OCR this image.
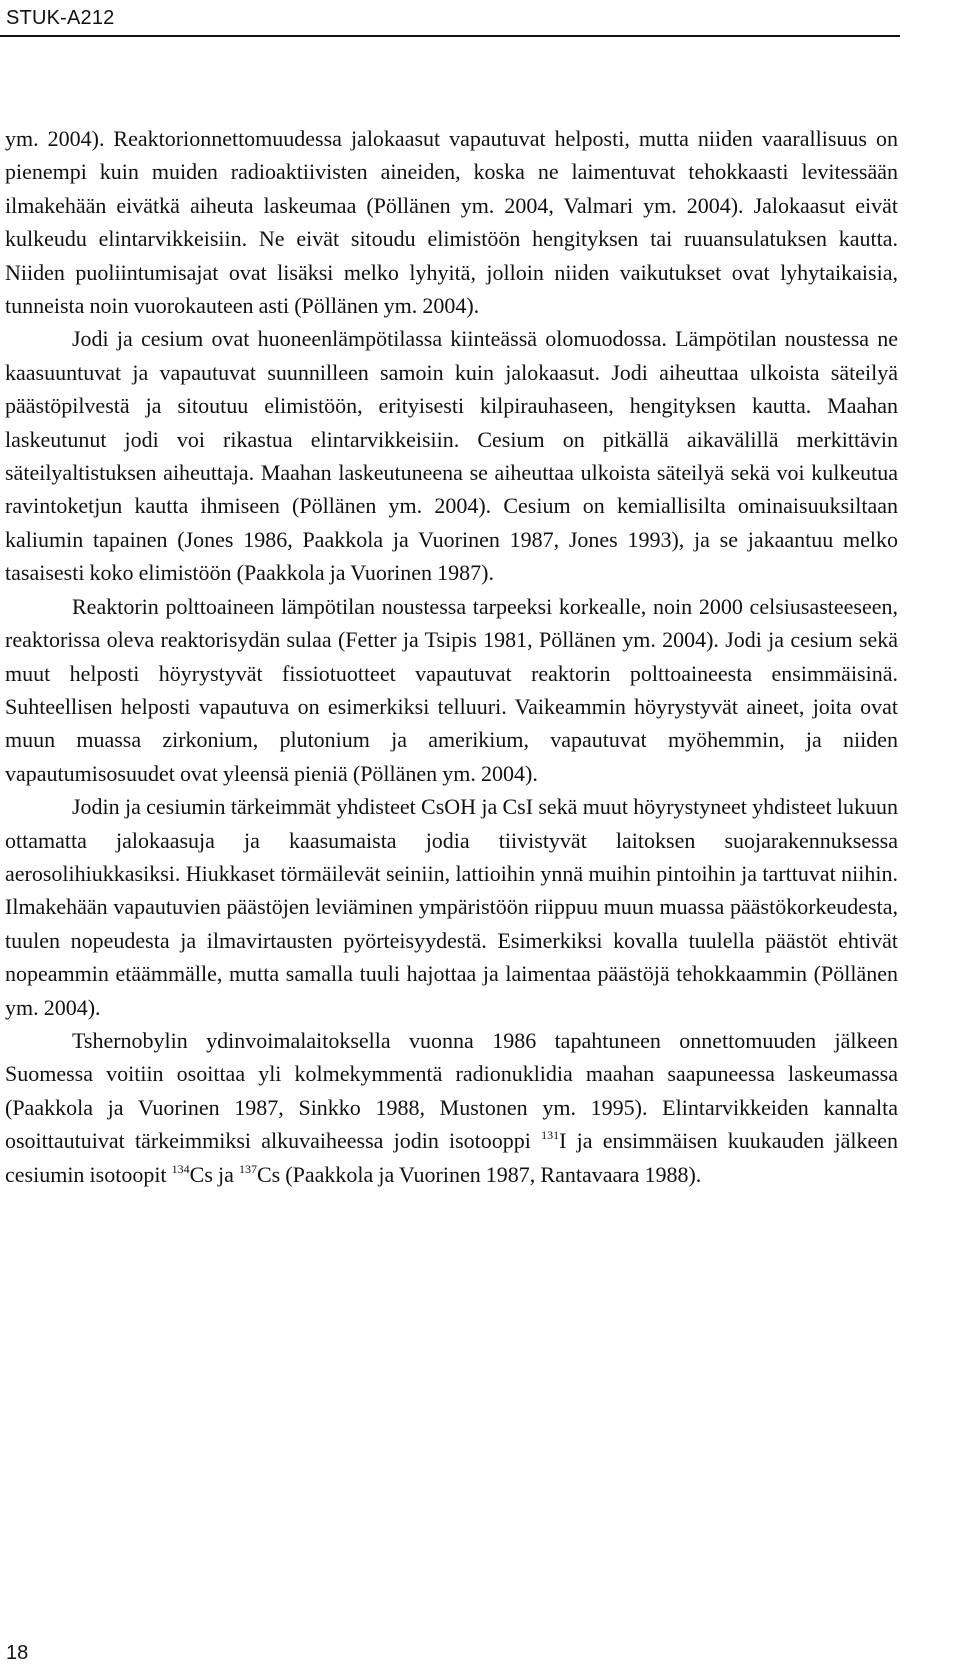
STUK-A212

ym. 2004). Reaktorionnettomuudessa jalokaasut vapautuvat helposti, mutta niiden vaarallisuus on pienempi kuin muiden radioaktiivisten aineiden, koska ne laimentuvat tehokkaasti levitessään ilmakehään eivätkä aiheuta laskeumaa (Pöllänen ym. 2004, Valmari ym. 2004). Jalokaasut eivät kulkeudu elintarvikkeisiin. Ne eivät sitoudu elimistöön hengityksen tai ruuansulatuksen kautta. Niiden puoliintumisajat ovat lisäksi melko lyhyitä, jolloin niiden vaikutukset ovat lyhytaikaisia, tunneista noin vuorokauteen asti (Pöllänen ym. 2004).

Jodi ja cesium ovat huoneenlämpötilassa kiinteässä olomuodossa. Lämpötilan noustessa ne kaasuuntuvat ja vapautuvat suunnilleen samoin kuin jalokaasut. Jodi aiheuttaa ulkoista säteilyä päästöpilvestä ja sitoutuu elimistöön, erityisesti kilpirauhaseen, hengityksen kautta. Maahan laskeutunut jodi voi rikastua elintarvikkeisiin. Cesium on pitkällä aikavälillä merkittävin säteilyaltistuksen aiheuttaja. Maahan laskeutuneena se aiheuttaa ulkoista säteilyä sekä voi kulkeutua ravintoketjun kautta ihmiseen (Pöllänen ym. 2004). Cesium on kemiallisilta ominaisuuksiltaan kaliumin tapainen (Jones 1986, Paakkola ja Vuorinen 1987, Jones 1993), ja se jakaantuu melko tasaisesti koko elimistöön (Paakkola ja Vuorinen 1987).

Reaktorin polttoaineen lämpötilan noustessa tarpeeksi korkealle, noin 2000 celsiusasteeseen, reaktorissa oleva reaktorisydän sulaa (Fetter ja Tsipis 1981, Pöllänen ym. 2004). Jodi ja cesium sekä muut helposti höyrystyvät fissiotuotteet vapautuvat reaktorin polttoaineesta ensimmäisinä. Suhteellisen helposti vapautuva on esimerkiksi telluuri. Vaikeammin höyrystyvät aineet, joita ovat muun muassa zirkonium, plutonium ja amerikium, vapautuvat myöhemmin, ja niiden vapautumisosuudet ovat yleensä pieniä (Pöllänen ym. 2004).

Jodin ja cesiumin tärkeimmät yhdisteet CsOH ja CsI sekä muut höyrystyneet yhdisteet lukuun ottamatta jalokaasuja ja kaasumaista jodia tiivistyvät laitoksen suojarakennuksessa aerosolihiukkasiksi. Hiukkaset törmäilevät seiniin, lattioihin ynnä muihin pintoihin ja tarttuvat niihin. Ilmakehään vapautuvien päästöjen leviäminen ympäristöön riippuu muun muassa päästökorkeudesta, tuulen nopeudesta ja ilmavirtausten pyörteisyydestä. Esimerkiksi kovalla tuulella päästöt ehtivät nopeammin etäämmälle, mutta samalla tuuli hajottaa ja laimentaa päästöjä tehokkaammin (Pöllänen ym. 2004).

Tshernobylin ydinvoimalaitoksella vuonna 1986 tapahtuneen onnettomuuden jälkeen Suomessa voitiin osoittaa yli kolmekymmentä radionuklidia maahan saapuneessa laskeumassa (Paakkola ja Vuorinen 1987, Sinkko 1988, Mustonen ym. 1995). Elintarvikkeiden kannalta osoittautuivat tärkeimmiksi alkuvaiheessa jodin isotooppi $^{131}$I ja ensimmäisen kuukauden jälkeen cesiumin isotoopit $^{134}$Cs ja $^{137}$Cs (Paakkola ja Vuorinen 1987, Rantavaara 1988).

18
